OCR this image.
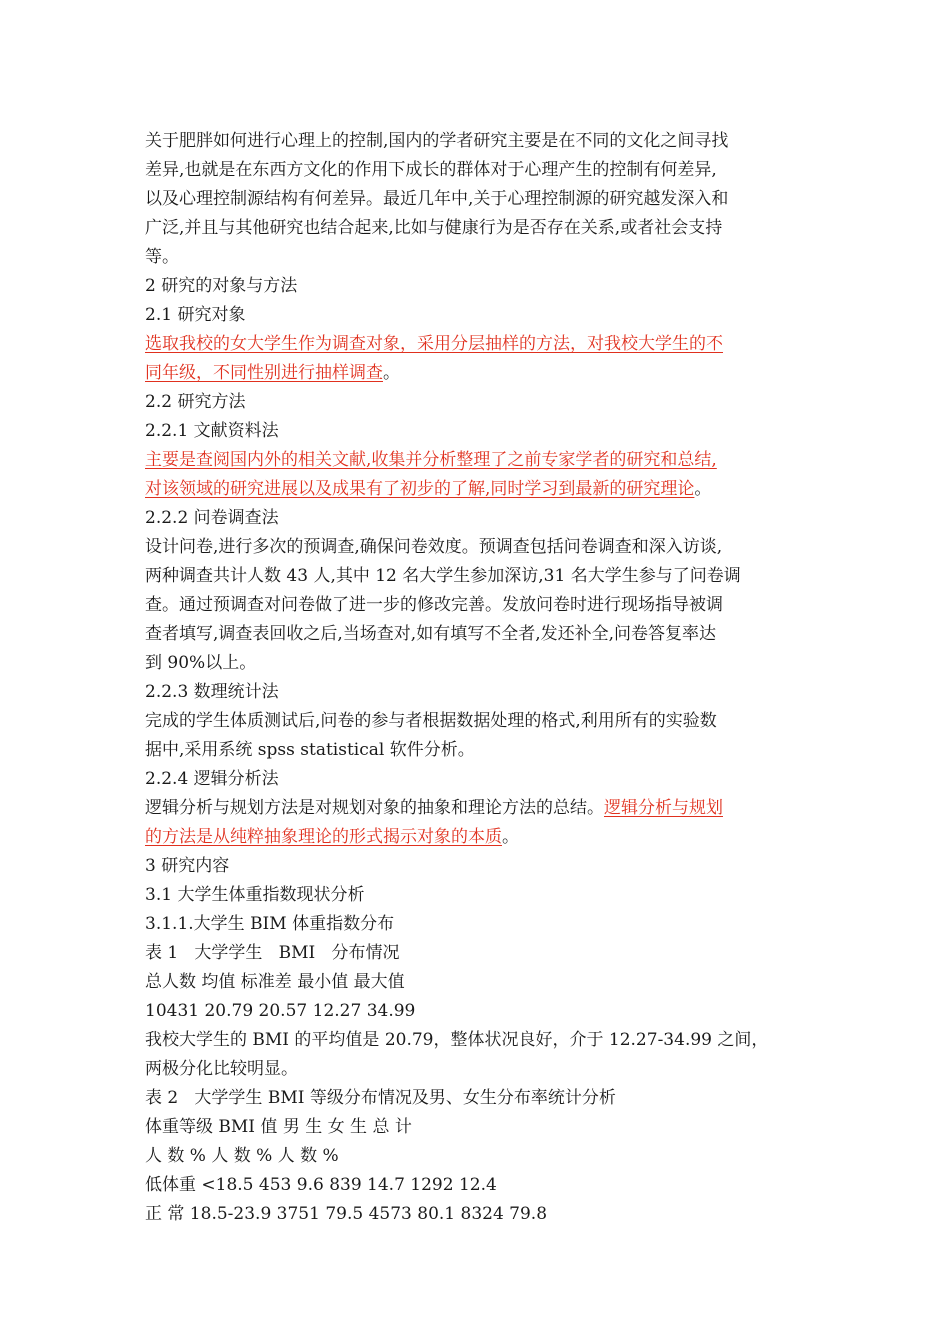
关于肥胖如何进行心理上的控制,国内的学者研究主要是在不同的文化之间寻找
差异,也就是在东西方文化的作用下成长的群体对于心理产生的控制有何差异,
以及心理控制源结构有何差异。最近几年中,关于心理控制源的研究越发深入和
广泛,并且与其他研究也结合起来,比如与健康行为是否存在关系,或者社会支持
等。
2 研究的对象与方法
2.1 研究对象
选取我校的女大学生作为调查对象，采用分层抽样的方法，对我校大学生的不
同年级，不同性别进行抽样调查。
2.2 研究方法
2.2.1 文献资料法
主要是查阅国内外的相关文献,收集并分析整理了之前专家学者的研究和总结,
对该领域的研究进展以及成果有了初步的了解,同时学习到最新的研究理论。
2.2.2 问卷调查法
设计问卷,进行多次的预调查,确保问卷效度。预调查包括问卷调查和深入访谈,
两种调查共计人数 43 人,其中 12 名大学生参加深访,31 名大学生参与了问卷调
查。通过预调查对问卷做了进一步的修改完善。发放问卷时进行现场指导被调
查者填写,调查表回收之后,当场查对,如有填写不全者,发还补全,问卷答复率达
到 90%以上。
2.2.3 数理统计法
完成的学生体质测试后,问卷的参与者根据数据处理的格式,利用所有的实验数
据中,采用系统 spss statistical 软件分析。
2.2.4 逻辑分析法
逻辑分析与规划方法是对规划对象的抽象和理论方法的总结。逻辑分析与规划
的方法是从纯粹抽象理论的形式揭示对象的本质。
3 研究内容
3.1 大学生体重指数现状分析
3.1.1.大学生 BIM 体重指数分布
表 1   大学学生   BMI   分布情况
总人数 均值 标准差 最小值 最大值
10431 20.79 20.57 12.27 34.99
我校大学生的 BMI 的平均值是 20.79，整体状况良好，介于 12.27-34.99 之间，
两极分化比较明显。
表 2   大学学生 BMI 等级分布情况及男、女生分布率统计分析
体重等级 BMI 值 男 生 女 生 总 计
人 数 % 人 数 % 人 数 %
低体重 <18.5 453 9.6 839 14.7 1292 12.4
正 常 18.5-23.9 3751 79.5 4573 80.1 8324 79.8
